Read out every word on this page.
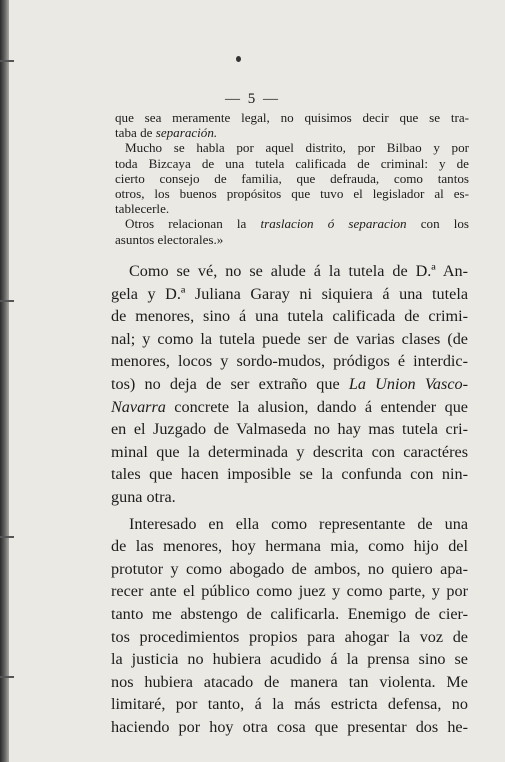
— 5 —
que sea meramente legal, no quisimos decir que se tra-
taba de separación.
Mucho se habla por aquel distrito, por Bilbao y por
toda Bizcaya de una tutela calificada de criminal: y de
cierto consejo de familia, que defrauda, como tantos
otros, los buenos propósitos que tuvo el legislador al es-
tablecerle.
Otros relacionan la traslacion ó separacion con los
asuntos electorales.»
Como se vé, no se alude á la tutela de D.ª An-
gela y D.ª Juliana Garay ni siquiera á una tutela
de menores, sino á una tutela calificada de crimi-
nal; y como la tutela puede ser de varias clases (de
menores, locos y sordo-mudos, pródigos é interdic-
tos) no deja de ser extraño que La Union Vasco-
Navarra concrete la alusion, dando á entender que
en el Juzgado de Valmaseda no hay mas tutela cri-
minal que la determinada y descrita con caractéres
tales que hacen imposible se la confunda con nin-
guna otra.
Interesado en ella como representante de una
de las menores, hoy hermana mia, como hijo del
protutor y como abogado de ambos, no quiero apa-
recer ante el público como juez y como parte, y por
tanto me abstengo de calificarla. Enemigo de cier-
tos procedimientos propios para ahogar la voz de
la justicia no hubiera acudido á la prensa sino se
nos hubiera atacado de manera tan violenta. Me
limitaré, por tanto, á la más estricta defensa, no
haciendo por hoy otra cosa que presentar dos he-
